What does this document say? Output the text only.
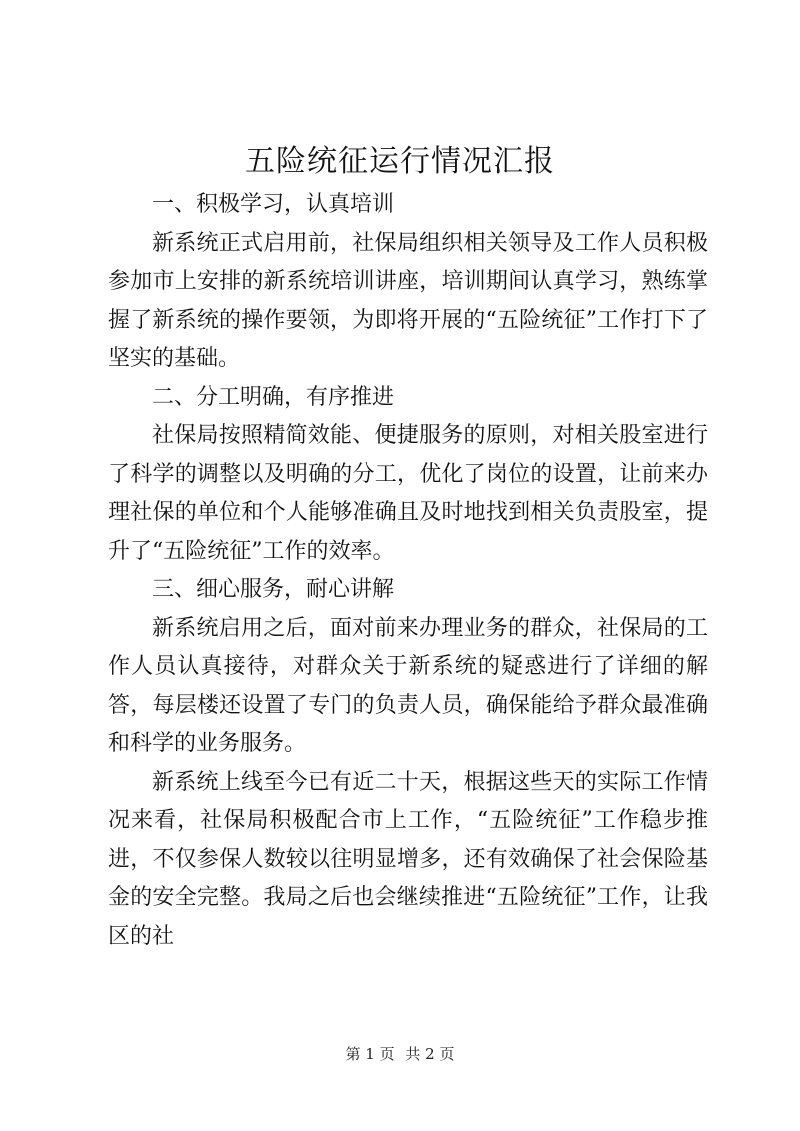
五险统征运行情况汇报

一、积极学习，认真培训

新系统正式启用前，社保局组织相关领导及工作人员积极参加市上安排的新系统培训讲座，培训期间认真学习，熟练掌握了新系统的操作要领，为即将开展的“五险统征”工作打下了坚实的基础。

二、分工明确，有序推进

社保局按照精简效能、便捷服务的原则，对相关股室进行了科学的调整以及明确的分工，优化了岗位的设置，让前来办理社保的单位和个人能够准确且及时地找到相关负责股室，提升了“五险统征”工作的效率。

三、细心服务，耐心讲解

新系统启用之后，面对前来办理业务的群众，社保局的工作人员认真接待，对群众关于新系统的疑惑进行了详细的解答，每层楼还设置了专门的负责人员，确保能给予群众最准确和科学的业务服务。

新系统上线至今已有近二十天，根据这些天的实际工作情况来看，社保局积极配合市上工作，“五险统征”工作稳步推进，不仅参保人数较以往明显增多，还有效确保了社会保险基金的安全完整。我局之后也会继续推进“五险统征”工作，让我区的社

第 1 页 共 2 页
